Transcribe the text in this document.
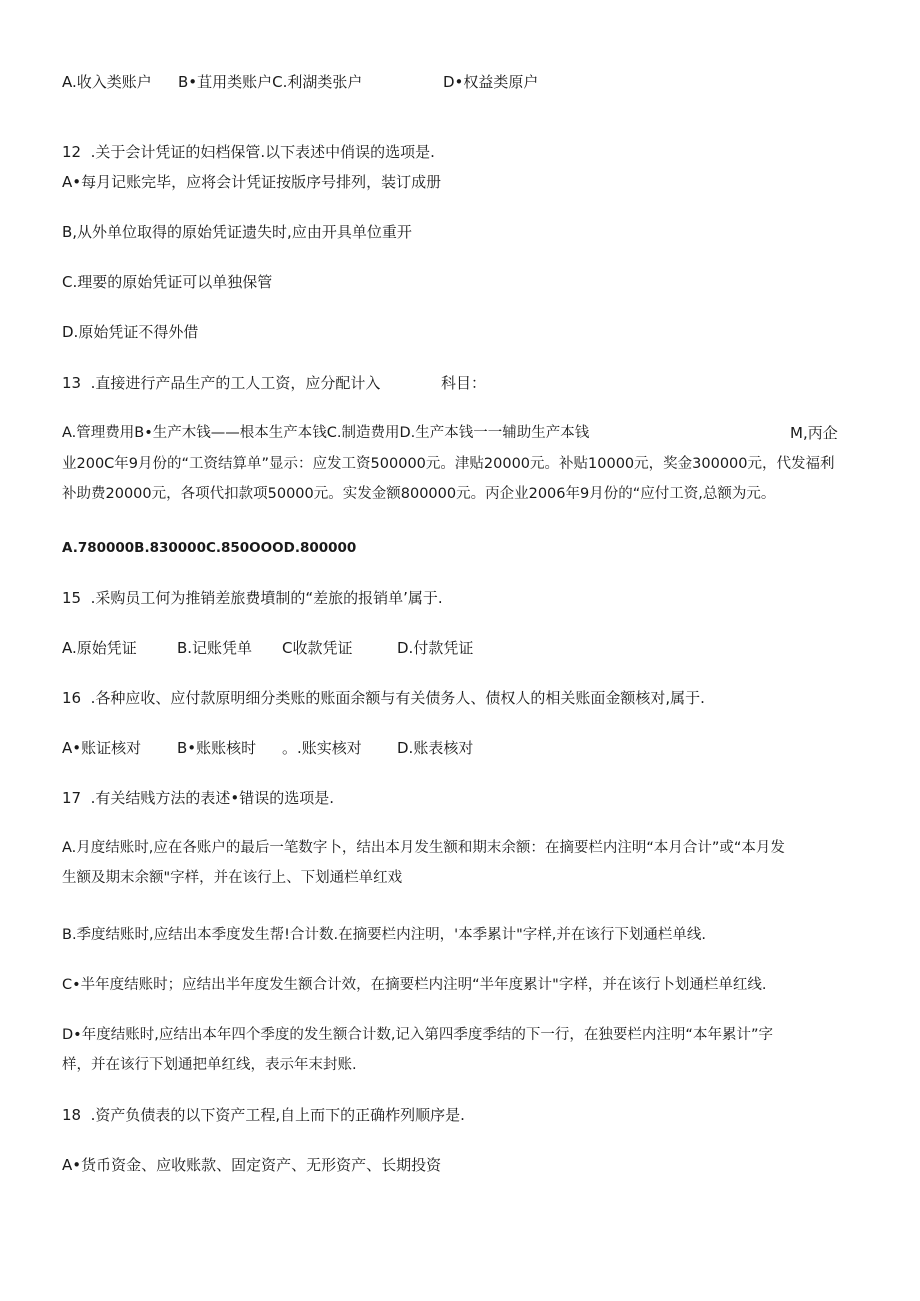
A.收入类账户 B•苴用类账户C.利湖类张户	D•权益类原户

12  .关于会计凭证的妇档保管.以下表述中俏误的选项是.

A•每月记账完毕，应将会计凭证按版序号排列，装订成册
B,从外单位取得的原始凭证遗失时,应由开具单位重开
C.理要的原始凭证可以单独保管
D.原始凭证不得外借
13  .直接进行产品生产的工人工资，应分配计入	科目：
A.管理费用B•生产木钱——根本生产本钱C.制造费用D.生产本钱一一辅助生产本钱	M,丙企
业200C年9月份的“工资结算单”显示：应发工资500000元。津贴20000元。补贴10000元，奖金300000元，代发福利
补助费20000元，各项代扣款项50000元。实发金额800000元。丙企业2006年9月份的“应付工资,总额为元。
A.780000B.830000C.850OOOD.800000
15  .采购员工何为推销差旅费墳制的“差旅的报销单’属于.
A.原始凭证	B.记账凭单 C收款凭证	D.付款凭证
16  .各种应收、应付款原明细分类账的账面余额与有关债务人、债权人的相关账面金额核对,属于.
A•账证核对 B•账账核时 。.账实核对 D.账表核对
17  .有关结贱方法的表述•错误的选项是.
A.月度结账时,应在各账户的最后一笔数字卜，结出本月发生额和期末余额：在摘要栏内注明“本月合计”或“本月发
生额及期末余额"字样，并在该行上、下划通栏单红戏
B.季度结账时,应结出本季度发生帮!合计数.在摘要栏内注明，'本季累计"字样,并在该行下划通栏单线.
C•半年度结账时；应结出半年度发生额合计效，在摘要栏内注明“半年度累计"字样，并在该行卜划通栏单红线.
D•年度结账时,应结出本年四个季度的发生额合计数,记入第四季度季结的下一行，在独要栏内注明“本年累计”字
样，并在该行下划通把单红线，表示年末封账.
18  .资产负债表的以下资产工程,自上而下的正确柞列顺序是.
A•货币资金、应收账款、固定资产、无形资产、长期投资
